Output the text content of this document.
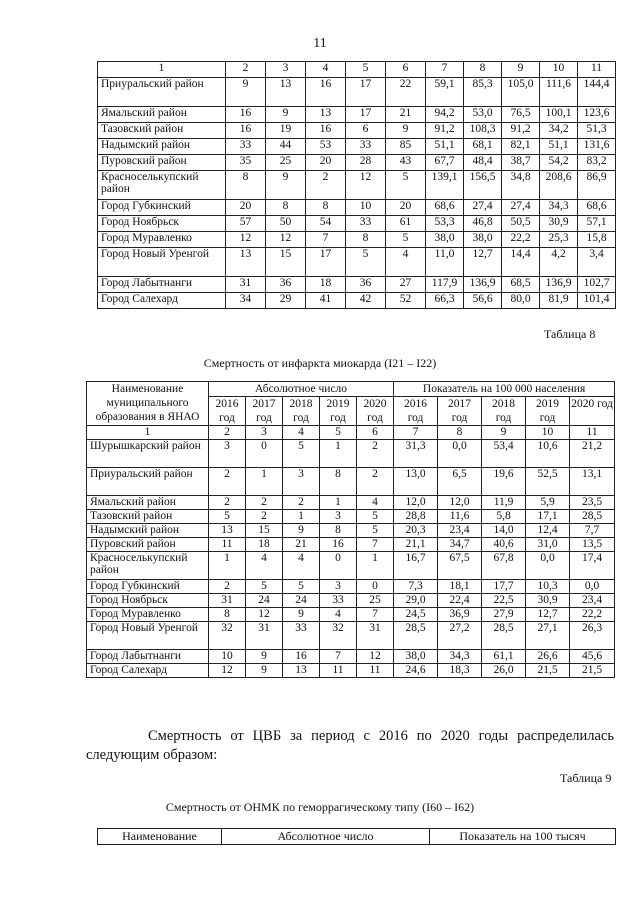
11
1	2	3	4	5	6	7	8	9	10	11
Приуральский район	9	13	16	17	22	59,1	85,3	105,0	111,6	144,4
Ямальский район	16	9	13	17	21	94,2	53,0	76,5	100,1	123,6
Тазовский район	16	19	16	6	9	91,2	108,3	91,2	34,2	51,3
Надымский район	33	44	53	33	85	51,1	68,1	82,1	51,1	131,6
Пуровский район	35	25	20	28	43	67,7	48,4	38,7	54,2	83,2
Красноселькупский район	8	9	2	12	5	139,1	156,5	34,8	208,6	86,9
Город Губкинский	20	8	8	10	20	68,6	27,4	27,4	34,3	68,6
Город Ноябрьск	57	50	54	33	61	53,3	46,8	50,5	30,9	57,1
Город Муравленко	12	12	7	8	5	38,0	38,0	22,2	25,3	15,8
Город Новый Уренгой	13	15	17	5	4	11,0	12,7	14,4	4,2	3,4
Город Лабытнанги	31	36	18	36	27	117,9	136,9	68,5	136,9	102,7
Город Салехард	34	29	41	42	52	66,3	56,6	80,0	81,9	101,4
Таблица 8
Смертность от инфаркта миокарда (I21 – I22)
Наименование муниципального образования в ЯНАО	Абсолютное число					Показатель на 100 000 населения				
	2016 год	2017 год	2018 год	2019 год	2020 год	2016 год	2017 год	2018 год	2019 год	2020 год
1	2	3	4	5	6	7	8	9	10	11
Шурышкарский район	3	0	5	1	2	31,3	0,0	53,4	10,6	21,2
Приуральский район	2	1	3	8	2	13,0	6,5	19,6	52,5	13,1
Ямальский район	2	2	2	1	4	12,0	12,0	11,9	5,9	23,5
Тазовский район	5	2	1	3	5	28,8	11,6	5,8	17,1	28,5
Надымский район	13	15	9	8	5	20,3	23,4	14,0	12,4	7,7
Пуровский район	11	18	21	16	7	21,1	34,7	40,6	31,0	13,5
Красноселькупский район	1	4	4	0	1	16,7	67,5	67,8	0,0	17,4
Город Губкинский	2	5	5	3	0	7,3	18,1	17,7	10,3	0,0
Город Ноябрьск	31	24	24	33	25	29,0	22,4	22,5	30,9	23,4
Город Муравленко	8	12	9	4	7	24,5	36,9	27,9	12,7	22,2
Город Новый Уренгой	32	31	33	32	31	28,5	27,2	28,5	27,1	26,3
Город Лабытнанги	10	9	16	7	12	38,0	34,3	61,1	26,6	45,6
Город Салехард	12	9	13	11	11	24,6	18,3	26,0	21,5	21,5
Смертность от ЦВБ за период с 2016 по 2020 годы распределилась
следующим образом:
Таблица 9
Смертность от ОНМК по геморрагическому типу (I60 – I62)
Наименование	Абсолютное число	Показатель на 100 тысяч
